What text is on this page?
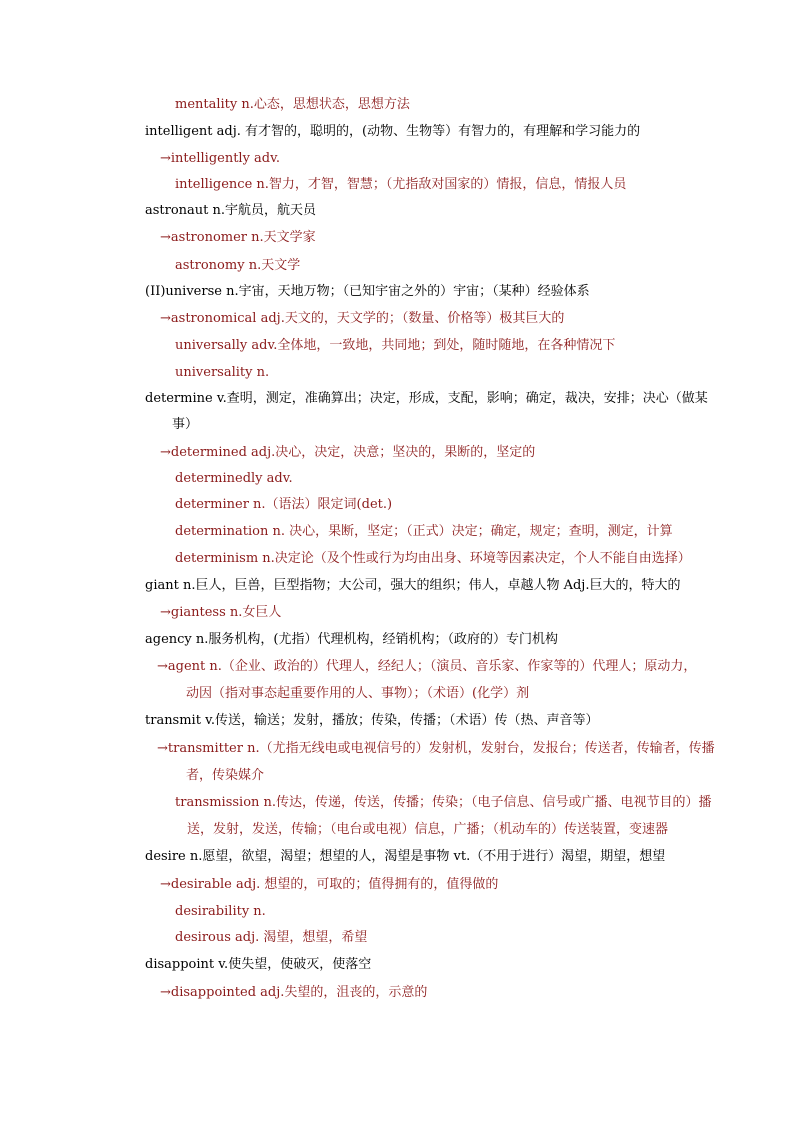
mentality n.心态，思想状态，思想方法
intelligent adj. 有才智的，聪明的，(动物、生物等）有智力的，有理解和学习能力的
→intelligently adv.
intelligence n.智力，才智，智慧；（尤指敌对国家的）情报，信息，情报人员
astronaut n.宇航员，航天员
→astronomer n.天文学家
astronomy n.天文学
(II)universe n.宇宙，天地万物；（已知宇宙之外的）宇宙；（某种）经验体系
→astronomical adj.天文的，天文学的；（数量、价格等）极其巨大的
universally adv.全体地，一致地，共同地；到处，随时随地，在各种情况下
universality n.
determine v.查明，测定，准确算出；决定，形成，支配，影响；确定，裁决，安排；决心（做某
事）
→determined adj.决心，决定，决意；坚决的，果断的，坚定的
determinedly adv.
determiner n.（语法）限定词(det.)
determination n. 决心，果断，坚定；（正式）决定；确定，规定；查明，测定，计算
determinism n.决定论（及个性或行为均由出身、环境等因素决定，个人不能自由选择）
giant n.巨人，巨兽，巨型指物；大公司，强大的组织；伟人，卓越人物 Adj.巨大的，特大的
→giantess n.女巨人
agency n.服务机构，(尤指）代理机构，经销机构；（政府的）专门机构
→agent n.（企业、政治的）代理人，经纪人；（演员、音乐家、作家等的）代理人；原动力，
动因（指对事态起重要作用的人、事物）；（术语）(化学）剂
transmit v.传送，输送；发射，播放；传染，传播；（术语）传（热、声音等）
→transmitter n.（尤指无线电或电视信号的）发射机，发射台，发报台；传送者，传输者，传播
者，传染媒介
transmission n.传达，传递，传送，传播；传染；（电子信息、信号或广播、电视节目的）播
送，发射，发送，传输；（电台或电视）信息，广播；（机动车的）传送装置，变速器
desire n.愿望，欲望，渴望；想望的人，渴望是事物 vt.（不用于进行）渴望，期望，想望
→desirable adj. 想望的，可取的；值得拥有的，值得做的
desirability n.
desirous adj. 渴望，想望，希望
disappoint v.使失望，使破灭，使落空
→disappointed adj.失望的，沮丧的，示意的
